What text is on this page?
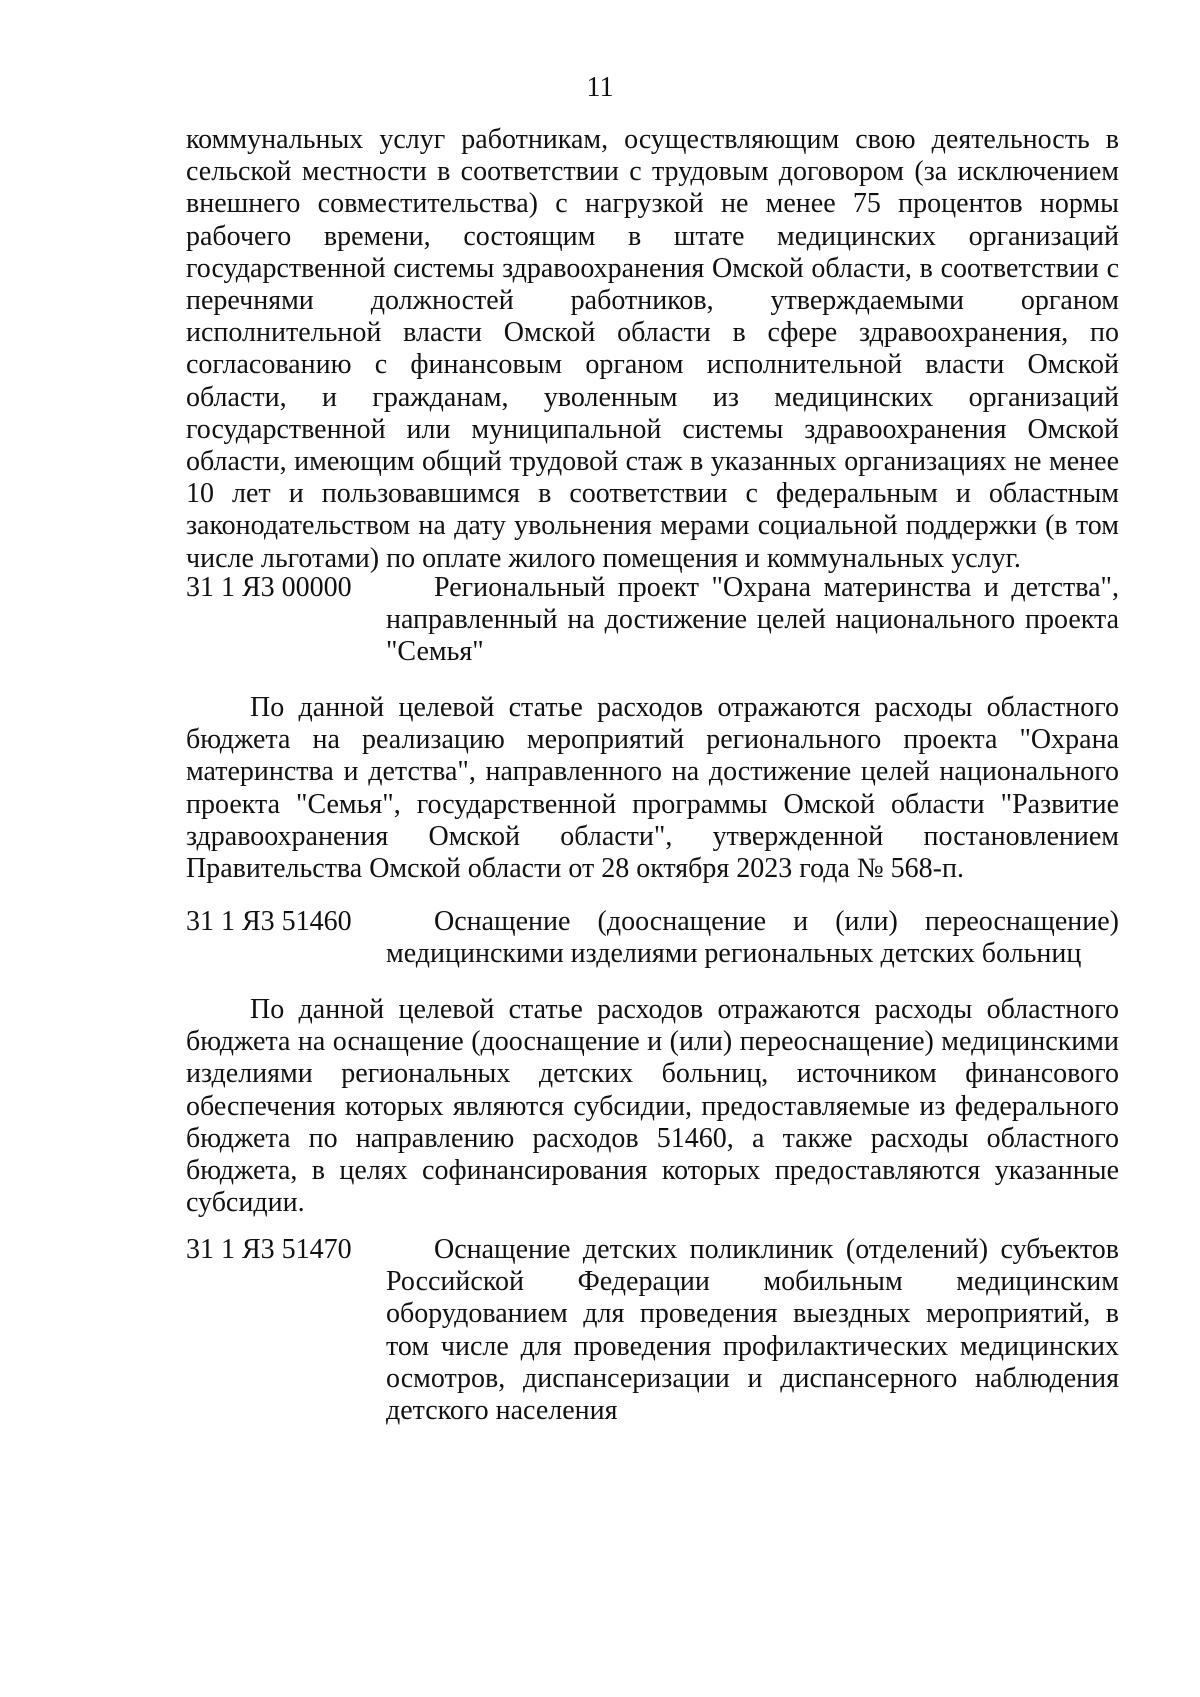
11

коммунальных услуг работникам, осуществляющим свою деятельность в сельской местности в соответствии с трудовым договором (за исключением внешнего совместительства) с нагрузкой не менее 75 процентов нормы рабочего времени, состоящим в штате медицинских организаций государственной системы здравоохранения Омской области, в соответствии с перечнями должностей работников, утверждаемыми органом исполнительной власти Омской области в сфере здравоохранения, по согласованию с финансовым органом исполнительной власти Омской области, и гражданам, уволенным из медицинских организаций государственной или муниципальной системы здравоохранения Омской области, имеющим общий трудовой стаж в указанных организациях не менее 10 лет и пользовавшимся в соответствии с федеральным и областным законодательством на дату увольнения мерами социальной поддержки (в том числе льготами) по оплате жилого помещения и коммунальных услуг.

31 1 Я3 00000	Региональный проект "Охрана материнства и детства", направленный на достижение целей национального проекта "Семья"

По данной целевой статье расходов отражаются расходы областного бюджета на реализацию мероприятий регионального проекта "Охрана материнства и детства", направленного на достижение целей национального проекта "Семья", государственной программы Омской области "Развитие здравоохранения Омской области", утвержденной постановлением Правительства Омской области от 28 октября 2023 года № 568-п.

31 1 Я3 51460	Оснащение (дооснащение и (или) переоснащение) медицинскими изделиями региональных детских больниц

По данной целевой статье расходов отражаются расходы областного бюджета на оснащение (дооснащение и (или) переоснащение) медицинскими изделиями региональных детских больниц, источником финансового обеспечения которых являются субсидии, предоставляемые из федерального бюджета по направлению расходов 51460, а также расходы областного бюджета, в целях софинансирования которых предоставляются указанные субсидии.

31 1 Я3 51470	Оснащение детских поликлиник (отделений) субъектов Российской Федерации мобильным медицинским оборудованием для проведения выездных мероприятий, в том числе для проведения профилактических медицинских осмотров, диспансеризации и диспансерного наблюдения детского населения
